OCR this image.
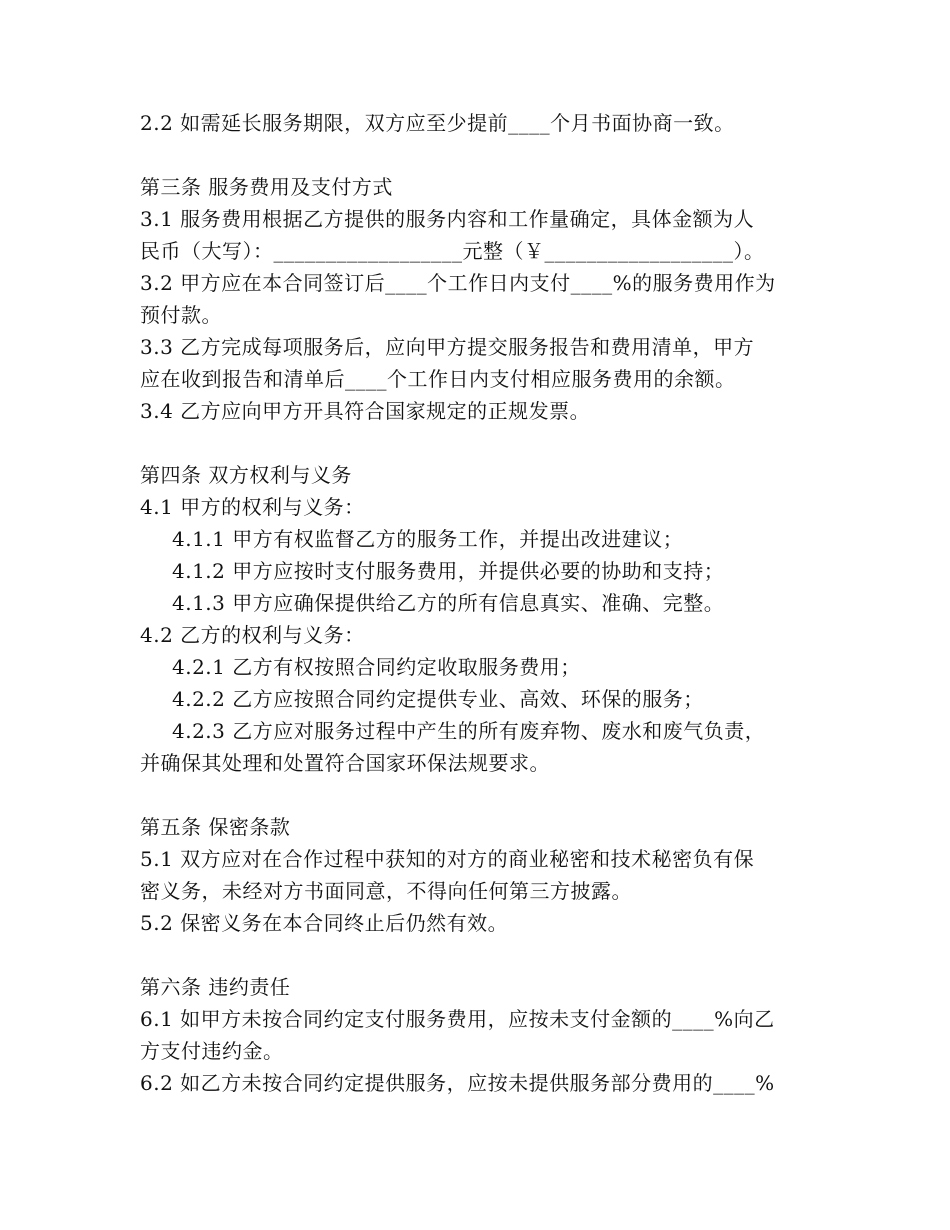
2.2 如需延长服务期限，双方应至少提前____个月书面协商一致。
第三条 服务费用及支付方式
3.1 服务费用根据乙方提供的服务内容和工作量确定，具体金额为人
民币（大写）：__________________元整（￥__________________）。
3.2 甲方应在本合同签订后____个工作日内支付____%的服务费用作为
预付款。
3.3 乙方完成每项服务后，应向甲方提交服务报告和费用清单，甲方
应在收到报告和清单后____个工作日内支付相应服务费用的余额。
3.4 乙方应向甲方开具符合国家规定的正规发票。
第四条 双方权利与义务
4.1 甲方的权利与义务：
4.1.1 甲方有权监督乙方的服务工作，并提出改进建议；
4.1.2 甲方应按时支付服务费用，并提供必要的协助和支持；
4.1.3 甲方应确保提供给乙方的所有信息真实、准确、完整。
4.2 乙方的权利与义务：
4.2.1 乙方有权按照合同约定收取服务费用；
4.2.2 乙方应按照合同约定提供专业、高效、环保的服务；
4.2.3 乙方应对服务过程中产生的所有废弃物、废水和废气负责，
并确保其处理和处置符合国家环保法规要求。
第五条 保密条款
5.1 双方应对在合作过程中获知的对方的商业秘密和技术秘密负有保
密义务，未经对方书面同意，不得向任何第三方披露。
5.2 保密义务在本合同终止后仍然有效。
第六条 违约责任
6.1 如甲方未按合同约定支付服务费用，应按未支付金额的____%向乙
方支付违约金。
6.2 如乙方未按合同约定提供服务，应按未提供服务部分费用的____%
